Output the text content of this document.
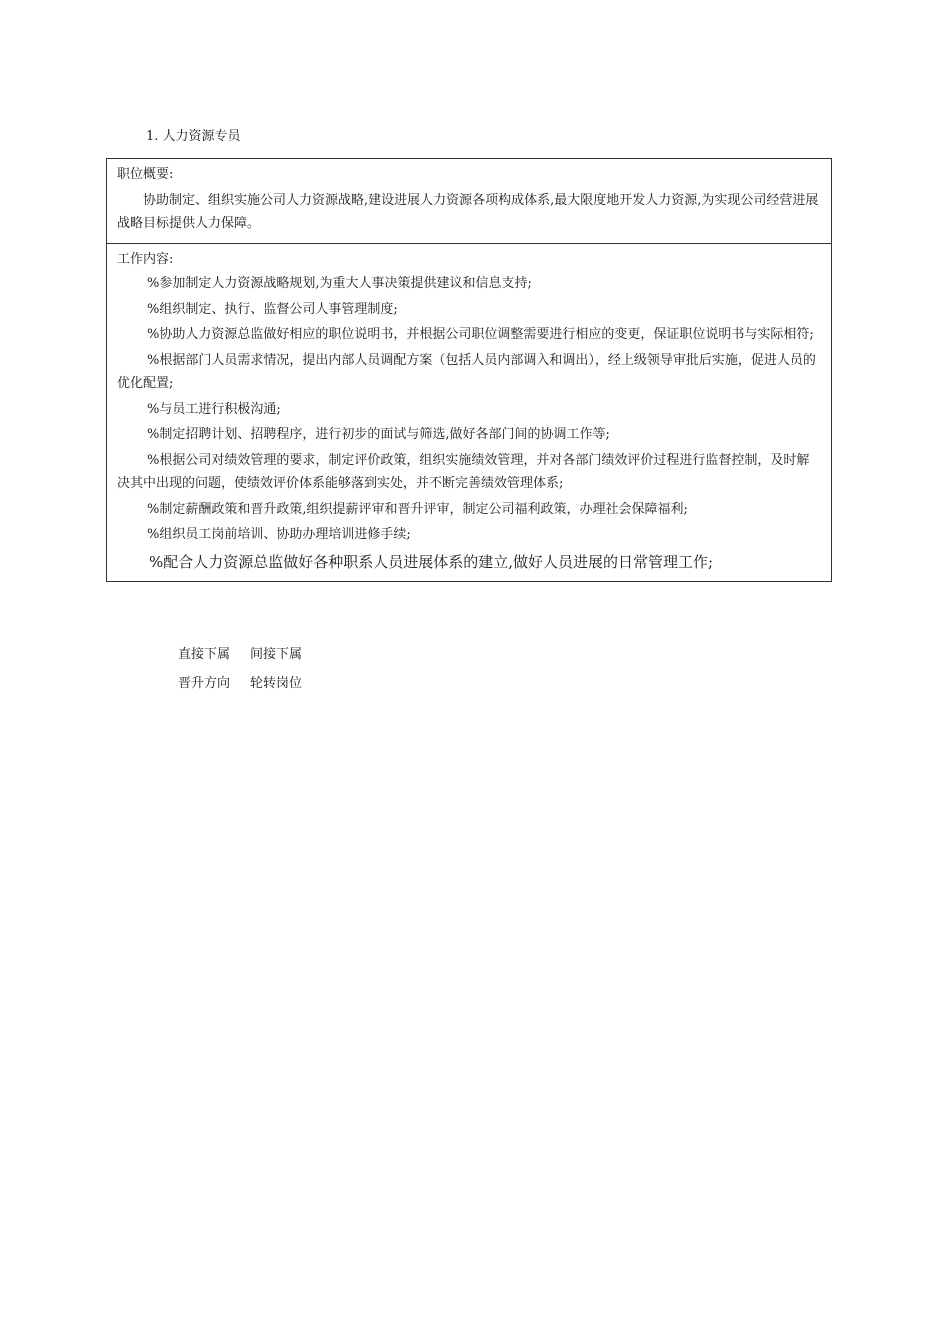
1. 人力资源专员
职位概要:

协助制定、组织实施公司人力资源战略,建设进展人力资源各项构成体系,最大限度地开发人力资源,为实现公司经营进展战略目标提供人力保障。

工作内容:

%参加制定人力资源战略规划,为重大人事决策提供建议和信息支持;

%组织制定、执行、监督公司人事管理制度;

%协助人力资源总监做好相应的职位说明书，并根据公司职位调整需要进行相应的变更，保证职位说明书与实际相符;

%根据部门人员需求情况，提出内部人员调配方案（包括人员内部调入和调出），经上级领导审批后实施，促进人员的优化配置;

%与员工进行积极沟通;

%制定招聘计划、招聘程序，进行初步的面试与筛选,做好各部门间的协调工作等;

%根据公司对绩效管理的要求，制定评价政策，组织实施绩效管理，并对各部门绩效评价过程进行监督控制，及时解决其中出现的问题，使绩效评价体系能够落到实处，并不断完善绩效管理体系;

%制定薪酬政策和晋升政策,组织提薪评审和晋升评审，制定公司福利政策，办理社会保障福利;

%组织员工岗前培训、协助办理培训进修手续;

%配合人力资源总监做好各种职系人员进展体系的建立,做好人员进展的日常管理工作;

直接下属 间接下属
晋升方向 轮转岗位
